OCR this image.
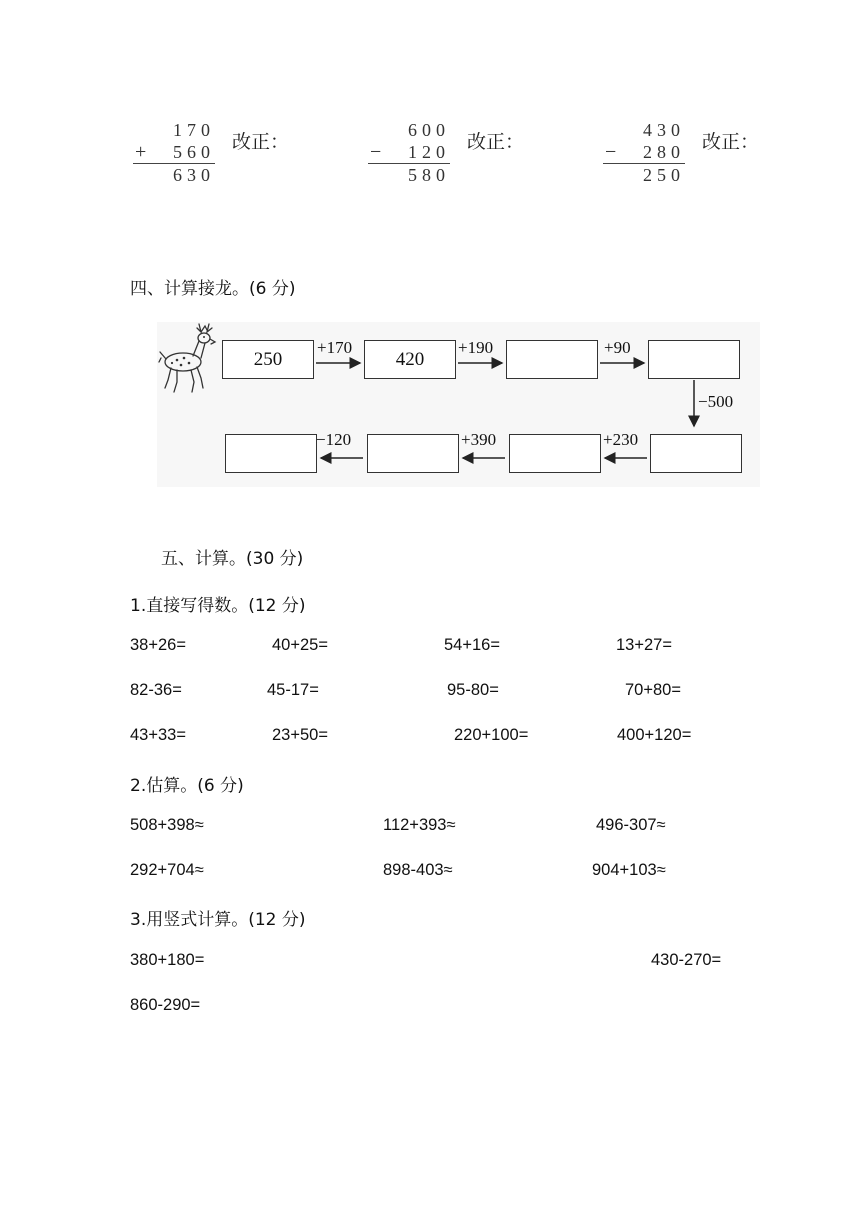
170
+	560
630
改正：
600
−	120
580
改正：
430
−	280
250
改正：
四、计算接龙。(6 分)
250	420
+170	+190	+90
−500
+230
+390
−120
五、计算。(30 分)
1.直接写得数。(12 分)
38+26=	40+25=	54+16=	13+27=
82-36=	45-17=	95-80=	70+80=
43+33=	23+50=	220+100=	400+120=
2.估算。(6 分)
508+398≈	112+393≈	496-307≈
292+704≈	898-403≈	904+103≈
3.用竖式计算。(12 分)
380+180=	430-270=
860-290=
